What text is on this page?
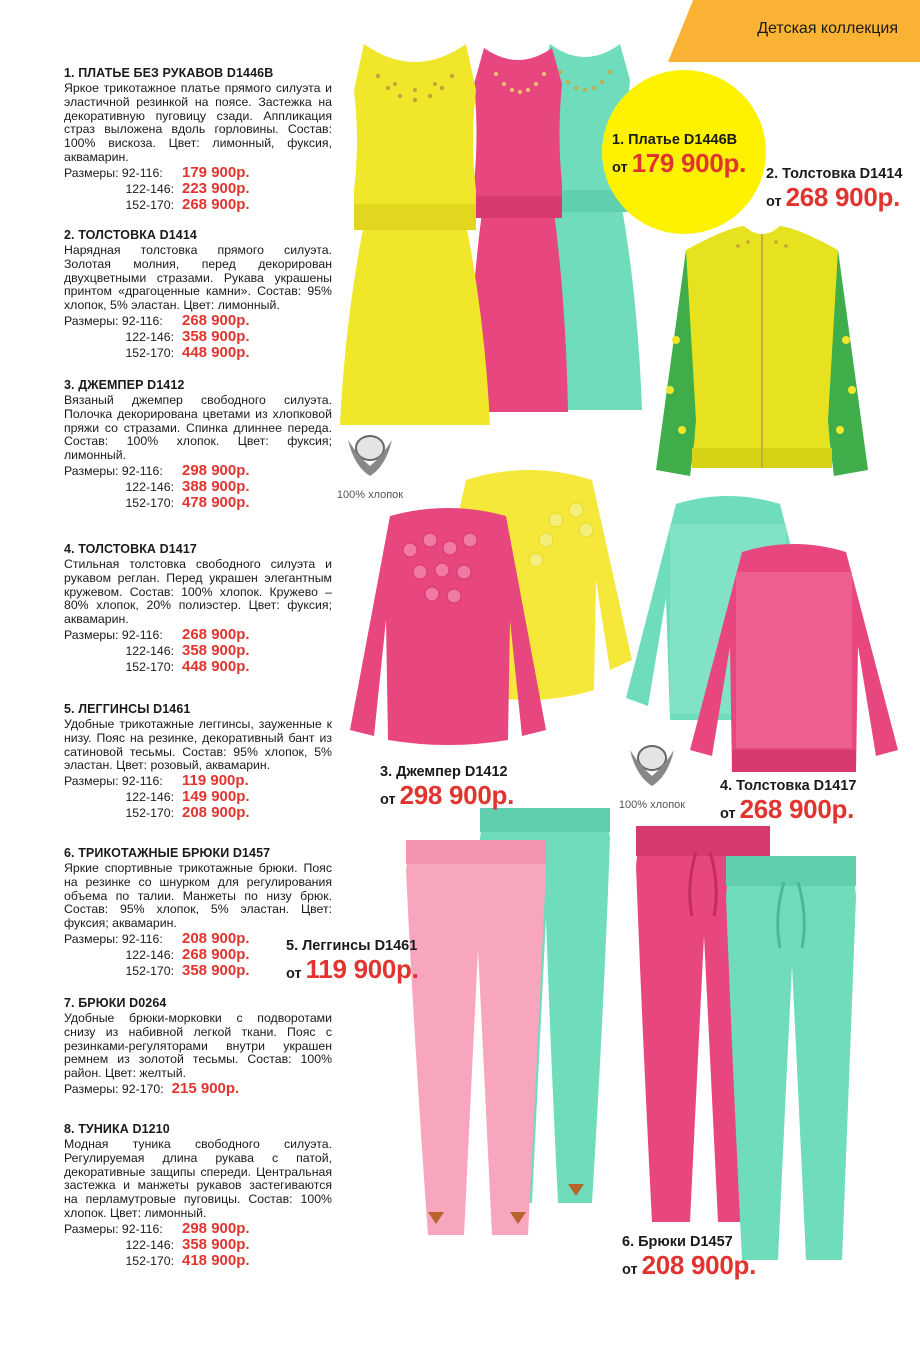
Детская коллекция
1. ПЛАТЬЕ БЕЗ РУКАВОВ D1446B
Яркое трикотажное платье прямого силуэта и эластичной резинкой на поясе. Застежка на декоративную пуговицу сзади. Аппликация страз выложена вдоль горловины. Состав: 100% вискоза. Цвет: лимонный, фуксия, аквамарин.
Размеры: 92-116:	179 900р.
122-146: 223 900р.
152-170: 268 900р.
2. ТОЛСТОВКА D1414
Нарядная толстовка прямого силуэта. Золотая молния, перед декорирован двухцветными стразами. Рукава украшены принтом «драгоценные камни». Состав: 95% хлопок, 5% эластан. Цвет: лимонный.
Размеры: 92-116:	268 900р.
122-146: 358 900р.
152-170: 448 900р.
3. ДЖЕМПЕР D1412
Вязаный джемпер свободного силуэта. Полочка декорирована цветами из хлопковой пряжи со стразами. Спинка длиннее переда. Состав: 100% хлопок. Цвет: фуксия; лимонный.
Размеры: 92-116:	298 900р.
122-146: 388 900р.
152-170: 478 900р.
4. ТОЛСТОВКА D1417
Стильная толстовка свободного силуэта и рукавом реглан. Перед украшен элегантным кружевом. Состав: 100% хлопок. Кружево – 80% хлопок, 20% полиэстер. Цвет: фуксия; аквамарин.
Размеры: 92-116:	268 900р.
122-146: 358 900р.
152-170: 448 900р.
5. ЛЕГГИНСЫ D1461
Удобные трикотажные леггинсы, зауженные к низу. Пояс на резинке, декоративный бант из сатиновой тесьмы. Состав: 95% хлопок, 5% эластан. Цвет: розовый, аквамарин.
Размеры: 92-116:	119 900р.
122-146: 149 900р.
152-170: 208 900р.
6. ТРИКОТАЖНЫЕ БРЮКИ D1457
Яркие спортивные трикотажные брюки. Пояс на резинке со шнурком для регулирования объема по талии. Манжеты по низу брюк. Состав: 95% хлопок, 5% эластан. Цвет: фуксия; аквамарин.
Размеры: 92-116:	208 900р.
122-146: 268 900р.
152-170: 358 900р.
7. БРЮКИ D0264
Удобные брюки-морковки с подворотами снизу из набивной легкой ткани. Пояс с резинками-регуляторами внутри украшен ремнем из золотой тесьмы. Состав: 100% район. Цвет: желтый.
Размеры: 92-170: 215 900р.
8. ТУНИКА D1210
Модная туника свободного силуэта. Регулируемая длина рукава с патой, декоративные защипы спереди. Центральная застежка и манжеты рукавов застегиваются на перламутровые пуговицы. Состав: 100% хлопок. Цвет: лимонный.
Размеры: 92-116:	298 900р.
122-146: 358 900р.
152-170: 418 900р.
100% хлопок
100% хлопок
1. Платье D1446B
от 179 900р. 2. Толстовка D1414
от 268 900р.
3. Джемпер D1412
от 298 900р.	4. Толстовка D1417
от 268 900р.
5. Леггинсы D1461
от 119 900р.
6. Брюки D1457
от 208 900р.
